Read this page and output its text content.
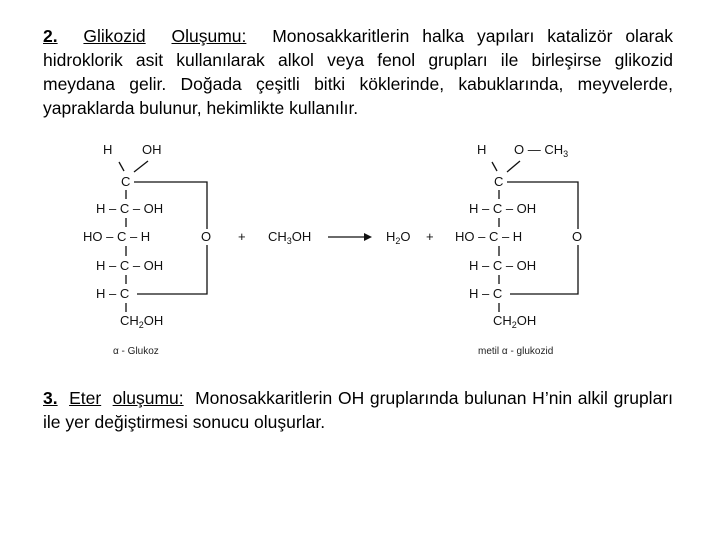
2. Glikozid Oluşumu: Monosakkaritlerin halka yapıları katalizör olarak hidroklorik asit kullanılarak alkol veya fenol grupları ile birleşirse glikozid meydana gelir. Doğada çeşitli bitki köklerinde, kabuklarında, meyvelerde, yapraklarda bulunur, hekimlikte kullanılır.
H OH
C
H – C – OH
HO – C – H
H – C – OH
H – C
$CH_2OH$
O
α - Glukoz
+ $CH_3OH$	$H_2O$ +
H O — $CH_3$
C
H – C – OH
HO – C – H
H – C – OH
H – C
$CH_2OH$
O
metil α - glukozid
3. Eter oluşumu: Monosakkaritlerin OH gruplarında bulunan H’nin alkil grupları ile yer değiştirmesi sonucu oluşurlar.
